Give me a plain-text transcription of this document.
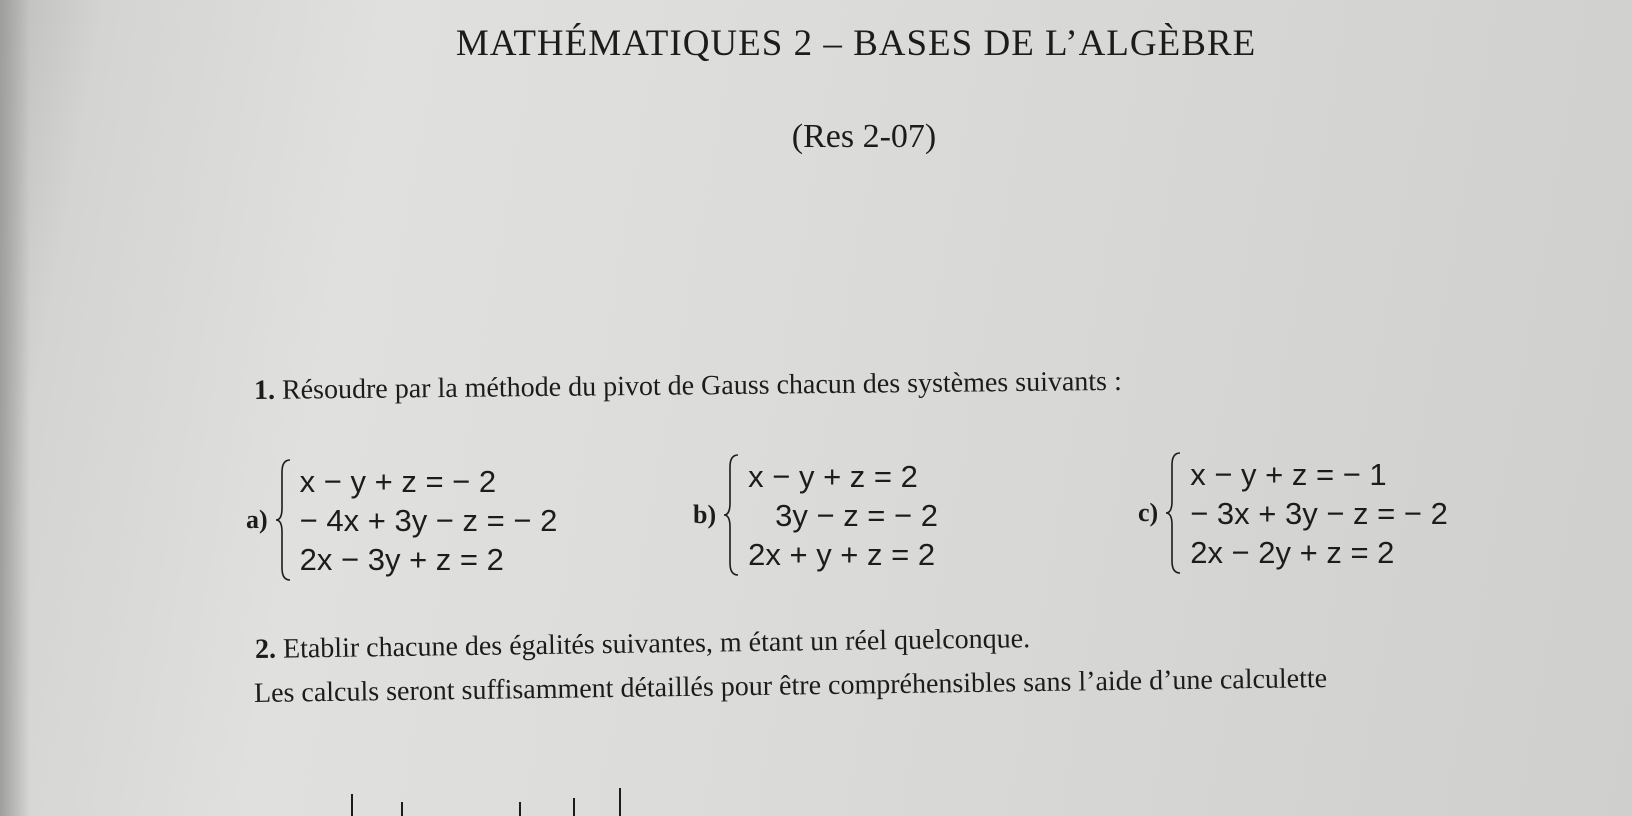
MATHÉMATIQUES 2 – BASES DE L’ALGÈBRE
(Res 2-07)
1. Résoudre par la méthode du pivot de Gauss chacun des systèmes suivants :
a)
x − y + z = − 2
− 4x + 3y − z = − 2
2x − 3y + z = 2
b)
x − y + z = 2
3y − z = − 2
2x + y + z = 2
c)
x − y + z = − 1
− 3x + 3y − z = − 2
2x − 2y + z = 2
2. Etablir chacune des égalités suivantes, m étant un réel quelconque.
Les calculs seront suffisamment détaillés pour être compréhensibles sans l’aide d’une calculette
